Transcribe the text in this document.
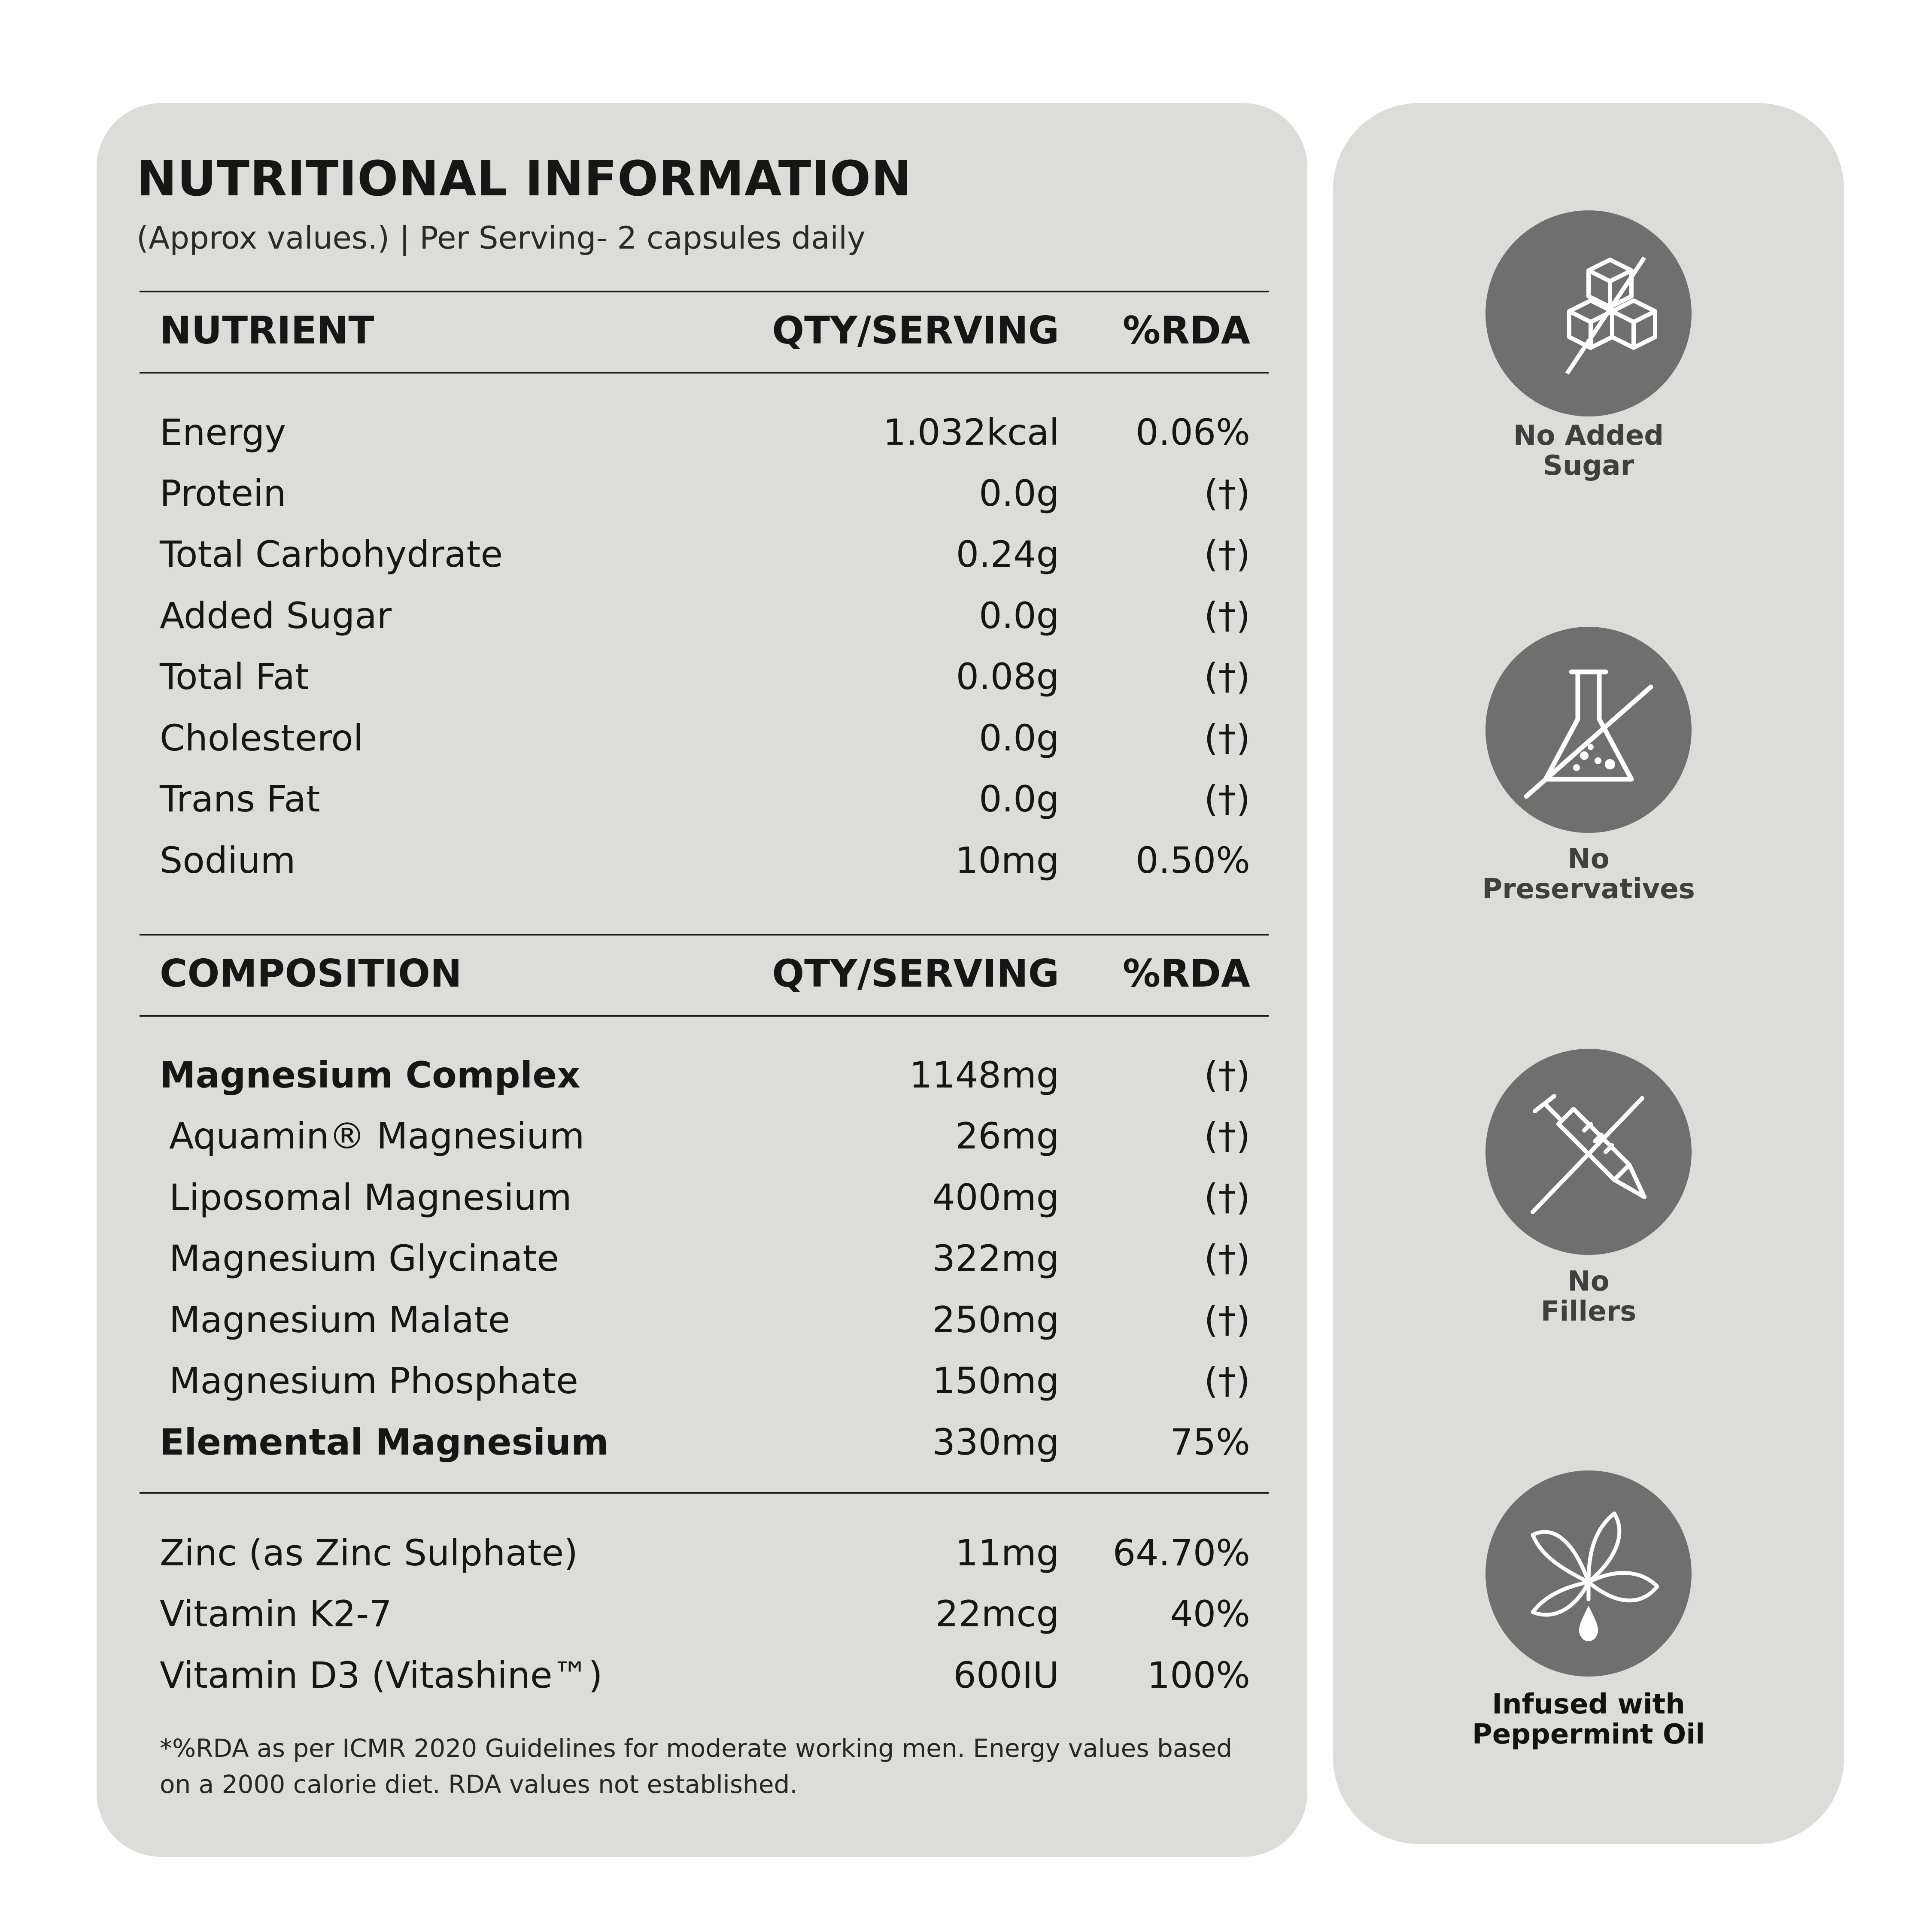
NUTRITIONAL INFORMATION
(Approx values.) | Per Serving- 2 capsules daily
NUTRIENT	QTY/SERVING %RDA
Energy	1.032kcal 0.06%
Protein	0.0g	(†)
Total Carbohydrate	0.24g	(†)
Added Sugar	0.0g	(†)
Total Fat	0.08g	(†)
Cholesterol	0.0g	(†)
Trans Fat	0.0g	(†)
Sodium	10mg 0.50%
COMPOSITION	QTY/SERVING %RDA
Magnesium Complex	1148mg	(†)
Aquamin® Magnesium	26mg	(†)
Liposomal Magnesium	400mg	(†)
Magnesium Glycinate	322mg	(†)
Magnesium Malate	250mg	(†)
Magnesium Phosphate	150mg	(†)
Elemental Magnesium	330mg	75%
Zinc (as Zinc Sulphate)	11mg 64.70%
Vitamin K2-7	22mcg	40%
Vitamin D3 (Vitashine™)	600IU 100%
*%RDA as per ICMR 2020 Guidelines for moderate working men. Energy values based on a 2000 calorie diet. RDA values not established.
No Added
Sugar
No
Preservatives
No
Fillers
Infused with
Peppermint Oil
